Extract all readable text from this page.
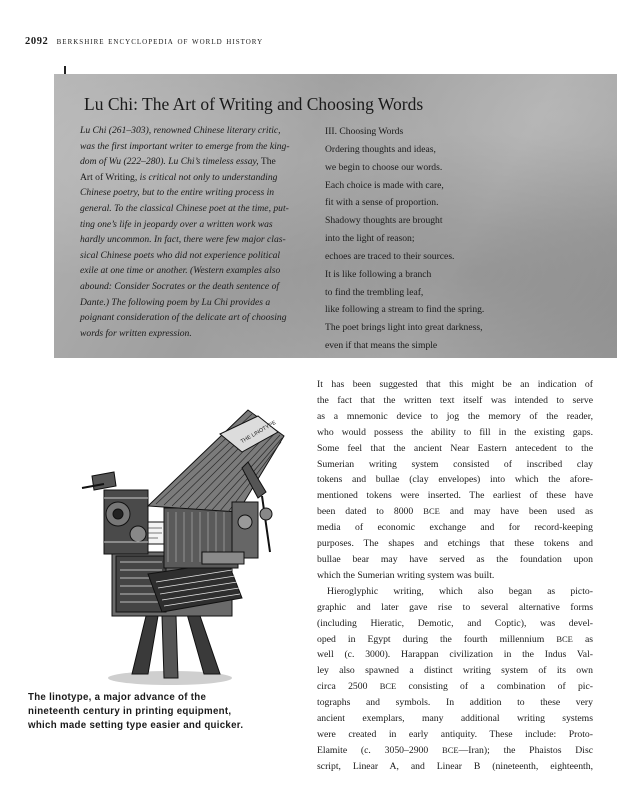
2092 berkshire encyclopedia of world history
Lu Chi: The Art of Writing and Choosing Words
Lu Chi (261–303), renowned Chinese literary critic,
was the first important writer to emerge from the king-
dom of Wu (222–280). Lu Chi’s timeless essay, The
Art of Writing, is critical not only to understanding
Chinese poetry, but to the entire writing process in
general. To the classical Chinese poet at the time, put-
ting one’s life in jeopardy over a written work was
hardly uncommon. In fact, there were few major clas-
sical Chinese poets who did not experience political
exile at one time or another. (Western examples also
abound: Consider Socrates or the death sentence of
Dante.) The following poem by Lu Chi provides a
poignant consideration of the delicate art of choosing
words for written expression.
III. Choosing Words
Ordering thoughts and ideas,
we begin to choose our words.
Each choice is made with care,
fit with a sense of proportion.
Shadowy thoughts are brought
into the light of reason;
echoes are traced to their sources.
It is like following a branch
to find the trembling leaf,
like following a stream to find the spring.
The poet brings light into great darkness,
even if that means the simple
THE LINOTYPE
The linotype, a major advance of the
nineteenth century in printing equipment,
which made setting type easier and quicker.
It has been suggested that this might be an indication of
the fact that the written text itself was intended to serve
as a mnemonic device to jog the memory of the reader,
who would possess the ability to fill in the existing gaps.
Some feel that the ancient Near Eastern antecedent to the
Sumerian writing system consisted of inscribed clay
tokens and bullae (clay envelopes) into which the afore-
mentioned tokens were inserted. The earliest of these have
been dated to 8000 BCE and may have been used as
media of economic exchange and for record-keeping
purposes. The shapes and etchings that these tokens and
bullae bear may have served as the foundation upon
which the Sumerian writing system was built.
Hieroglyphic writing, which also began as picto-
graphic and later gave rise to several alternative forms
(including Hieratic, Demotic, and Coptic), was devel-
oped in Egypt during the fourth millennium BCE as
well (c. 3000). Harappan civilization in the Indus Val-
ley also spawned a distinct writing system of its own
circa 2500 BCE consisting of a combination of pic-
tographs and symbols. In addition to these very
ancient exemplars, many additional writing systems
were created in early antiquity. These include: Proto-
Elamite (c. 3050–2900 BCE—Iran); the Phaistos Disc
script, Linear A, and Linear B (nineteenth, eighteenth,
